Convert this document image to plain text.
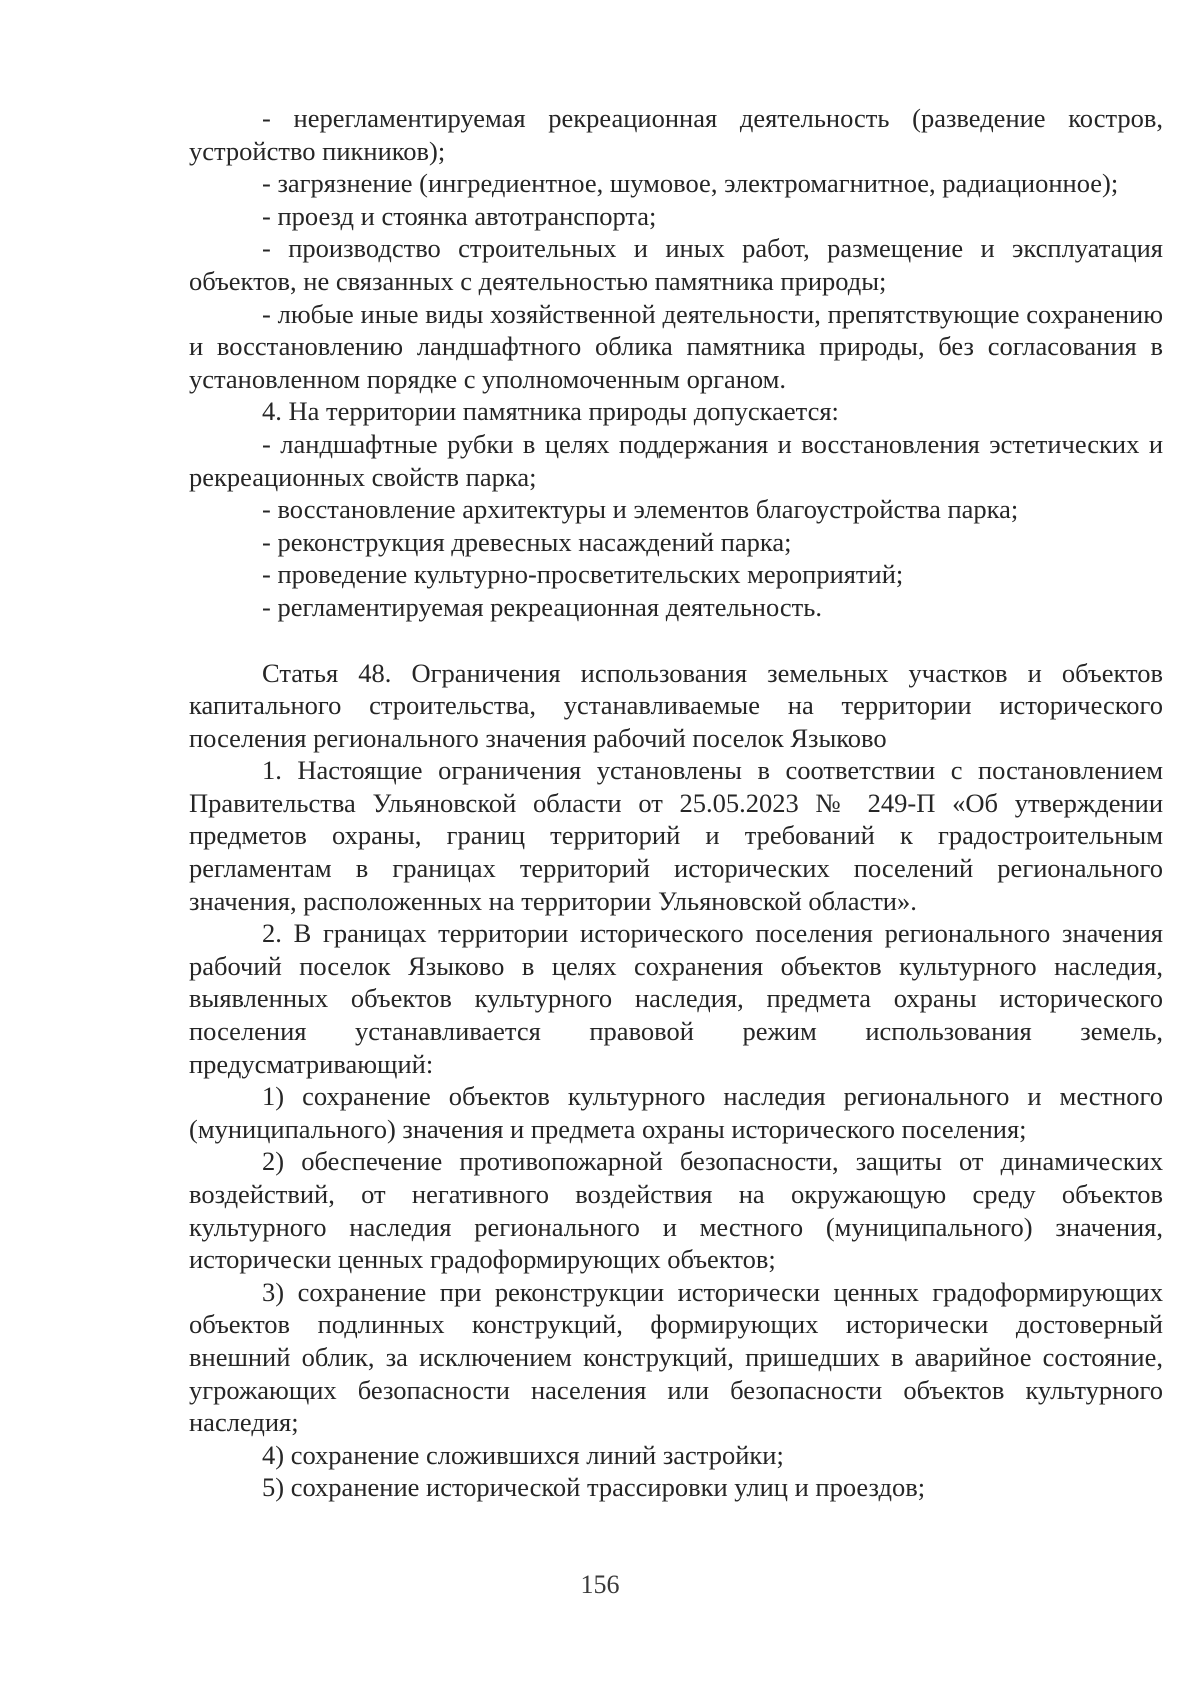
- нерегламентируемая рекреационная деятельность (разведение костров, устройство пикников);

- загрязнение (ингредиентное, шумовое, электромагнитное, радиационное);

- проезд и стоянка автотранспорта;

- производство строительных и иных работ, размещение и эксплуатация объектов, не связанных с деятельностью памятника природы;

- любые иные виды хозяйственной деятельности, препятствующие сохранению и восстановлению ландшафтного облика памятника природы, без согласования в установленном порядке с уполномоченным органом.

4. На территории памятника природы допускается:

- ландшафтные рубки в целях поддержания и восстановления эстетических и рекреационных свойств парка;

- восстановление архитектуры и элементов благоустройства парка;

- реконструкция древесных насаждений парка;

- проведение культурно-просветительских мероприятий;

- регламентируемая рекреационная деятельность.

Статья 48. Ограничения использования земельных участков и объектов капитального строительства, устанавливаемые на территории исторического поселения регионального значения рабочий поселок Языково

1. Настоящие ограничения установлены в соответствии с постановлением Правительства Ульяновской области от 25.05.2023 № 249-П «Об утверждении предметов охраны, границ территорий и требований к градостроительным регламентам в границах территорий исторических поселений регионального значения, расположенных на территории Ульяновской области».

2. В границах территории исторического поселения регионального значения рабочий поселок Языково в целях сохранения объектов культурного наследия, выявленных объектов культурного наследия, предмета охраны исторического поселения устанавливается правовой режим использования земель, предусматривающий:

1) сохранение объектов культурного наследия регионального и местного (муниципального) значения и предмета охраны исторического поселения;

2) обеспечение противопожарной безопасности, защиты от динамических воздействий, от негативного воздействия на окружающую среду объектов культурного наследия регионального и местного (муниципального) значения, исторически ценных градоформирующих объектов;

3) сохранение при реконструкции исторически ценных градоформирующих объектов подлинных конструкций, формирующих исторически достоверный внешний облик, за исключением конструкций, пришедших в аварийное состояние, угрожающих безопасности населения или безопасности объектов культурного наследия;

4) сохранение сложившихся линий застройки;

5) сохранение исторической трассировки улиц и проездов;

156
